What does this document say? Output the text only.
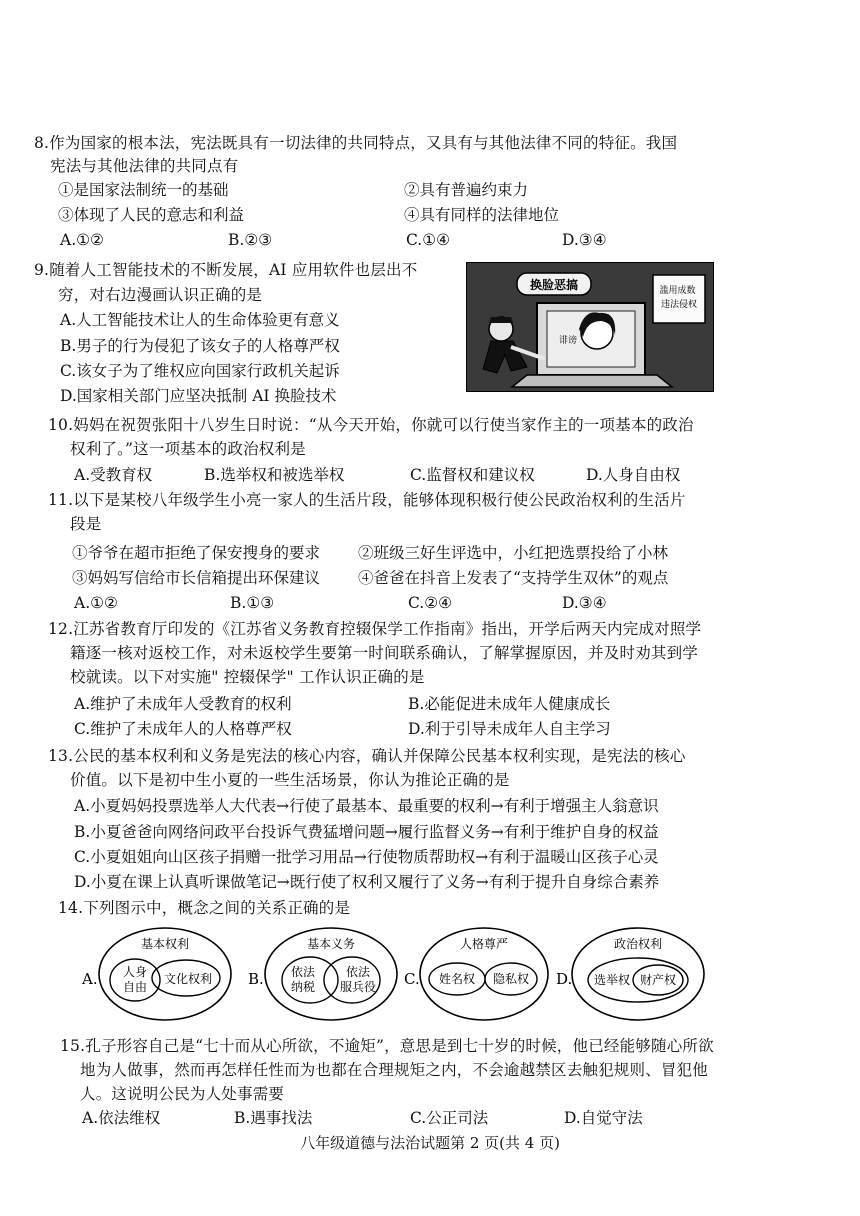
8.作为国家的根本法，宪法既具有一切法律的共同特点，又具有与其他法律不同的特征。我国
宪法与其他法律的共同点有
①是国家法制统一的基础	②具有普遍约束力
③体现了人民的意志和利益	④具有同样的法律地位
A.①②	B.②③	C.①④	D.③④
9.随着人工智能技术的不断发展，AI 应用软件也层出不
穷，对右边漫画认识正确的是
A.人工智能技术让人的生命体验更有意义
B.男子的行为侵犯了该女子的人格尊严权
C.该女子为了维权应向国家行政机关起诉
D.国家相关部门应坚决抵制 AI 换脸技术
换脸恶搞
诽谤
滥用成数 违法侵权
10.妈妈在祝贺张阳十八岁生日时说：“从今天开始，你就可以行使当家作主的一项基本的政治
权利了。”这一项基本的政治权利是
A.受教育权	B.选举权和被选举权	C.监督权和建议权	D.人身自由权
11.以下是某校八年级学生小亮一家人的生活片段，能够体现积极行使公民政治权利的生活片
段是
①爷爷在超市拒绝了保安搜身的要求 ②班级三好生评选中，小红把选票投给了小林
③妈妈写信给市长信箱提出环保建议 ④爸爸在抖音上发表了“支持学生双休”的观点
A.①②	B.①③	C.②④	D.③④
12.江苏省教育厅印发的《江苏省义务教育控辍保学工作指南》指出，开学后两天内完成对照学
籍逐一核对返校工作，对未返校学生要第一时间联系确认，了解掌握原因，并及时劝其到学
校就读。以下对实施" 控辍保学" 工作认识正确的是
A.维护了未成年人受教育的权利	B.必能促进未成年人健康成长
C.维护了未成年人的人格尊严权	D.利于引导未成年人自主学习
13.公民的基本权利和义务是宪法的核心内容，确认并保障公民基本权利实现，是宪法的核心
价值。以下是初中生小夏的一些生活场景，你认为推论正确的是
A.小夏妈妈投票选举人大代表→行使了最基本、最重要的权利→有利于增强主人翁意识
B.小夏爸爸向网络问政平台投诉气费猛增问题→履行监督义务→有利于维护自身的权益
C.小夏姐姐向山区孩子捐赠一批学习用品→行使物质帮助权→有利于温暖山区孩子心灵
D.小夏在课上认真听课做笔记→既行使了权利又履行了义务→有利于提升自身综合素养
14.下列图示中，概念之间的关系正确的是
A.
基本权利
人身
自由
文化权利 B.
基本义务
依法
纳税
依法
服兵役 C.
人格尊严
姓名权 隐私权 D.
政治权利
选举权 财产权
15.孔子形容自己是“七十而从心所欲，不逾矩”，意思是到七十岁的时候，他已经能够随心所欲
地为人做事，然而再怎样任性而为也都在合理规矩之内，不会逾越禁区去触犯规则、冒犯他
人。这说明公民为人处事需要
A.依法维权	B.遇事找法	C.公正司法	D.自觉守法
八年级道德与法治试题第 2 页(共 4 页)
